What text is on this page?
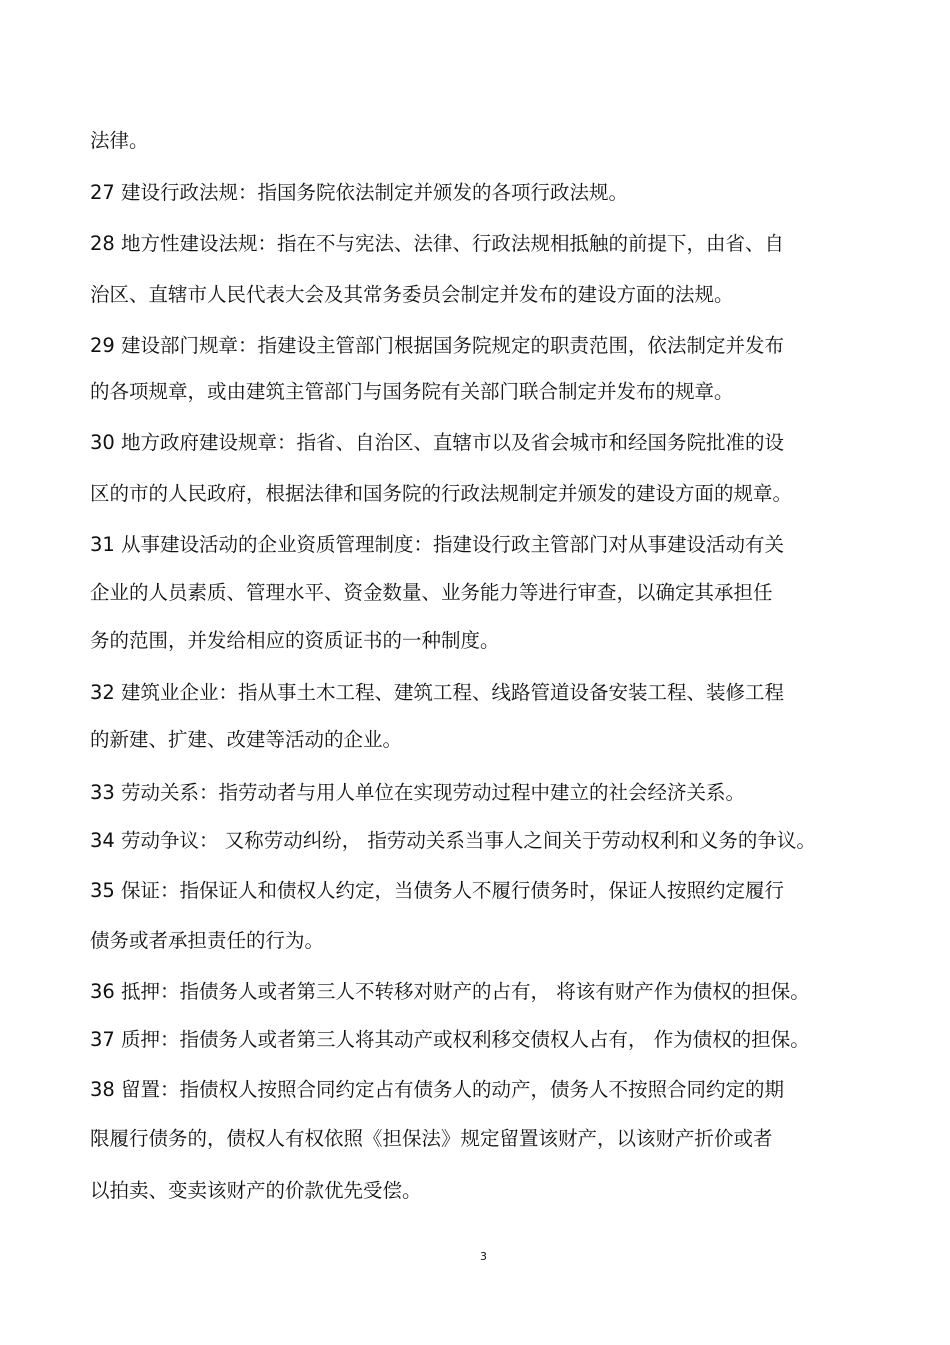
法律。
27 建设行政法规：指国务院依法制定并颁发的各项行政法规。
28 地方性建设法规：指在不与宪法、法律、行政法规相抵触的前提下，由省、自
治区、直辖市人民代表大会及其常务委员会制定并发布的建设方面的法规。
29 建设部门规章：指建设主管部门根据国务院规定的职责范围，依法制定并发布
的各项规章，或由建筑主管部门与国务院有关部门联合制定并发布的规章。
30 地方政府建设规章：指省、自治区、直辖市以及省会城市和经国务院批准的设
区的市的人民政府，根据法律和国务院的行政法规制定并颁发的建设方面的规章。
31 从事建设活动的企业资质管理制度：指建设行政主管部门对从事建设活动有关
企业的人员素质、管理水平、资金数量、业务能力等进行审查，以确定其承担任
务的范围，并发给相应的资质证书的一种制度。
32 建筑业企业：指从事土木工程、建筑工程、线路管道设备安装工程、装修工程
的新建、扩建、改建等活动的企业。
33 劳动关系：指劳动者与用人单位在实现劳动过程中建立的社会经济关系。
34 劳动争议： 又称劳动纠纷， 指劳动关系当事人之间关于劳动权利和义务的争议。
35 保证：指保证人和债权人约定，当债务人不履行债务时，保证人按照约定履行
债务或者承担责任的行为。
36 抵押：指债务人或者第三人不转移对财产的占有， 将该有财产作为债权的担保。
37 质押：指债务人或者第三人将其动产或权利移交债权人占有， 作为债权的担保。
38 留置：指债权人按照合同约定占有债务人的动产，债务人不按照合同约定的期
限履行债务的，债权人有权依照《担保法》规定留置该财产，以该财产折价或者
以拍卖、变卖该财产的价款优先受偿。
3
